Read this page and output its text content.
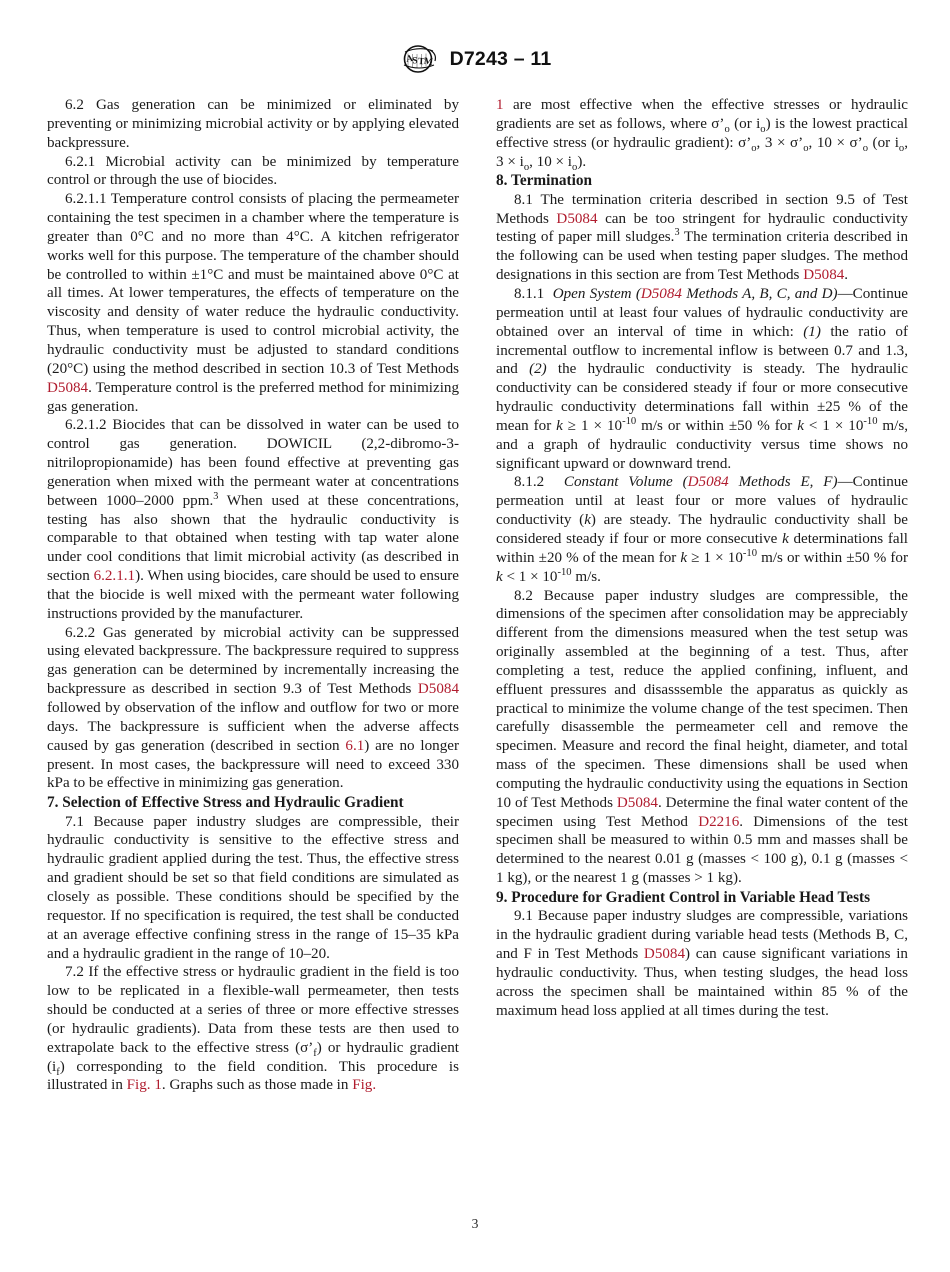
A
S T
M D7243 – 11

6.2 Gas generation can be minimized or eliminated by preventing or minimizing microbial activity or by applying elevated backpressure.

6.2.1 Microbial activity can be minimized by temperature control or through the use of biocides.

6.2.1.1 Temperature control consists of placing the permeameter containing the test specimen in a chamber where the temperature is greater than 0°C and no more than 4°C. A kitchen refrigerator works well for this purpose. The temperature of the chamber should be controlled to within ±1°C and must be maintained above 0°C at all times. At lower temperatures, the effects of temperature on the viscosity and density of water reduce the hydraulic conductivity. Thus, when temperature is used to control microbial activity, the hydraulic conductivity must be adjusted to standard conditions (20°C) using the method described in section 10.3 of Test Methods D5084. Temperature control is the preferred method for minimizing gas generation.

6.2.1.2 Biocides that can be dissolved in water can be used to control gas generation. DOWICIL (2,2-dibromo-3-nitrilopropionamide) has been found effective at preventing gas generation when mixed with the permeant water at concentrations between 1000–2000 ppm.$^3$ When used at these concentrations, testing has also shown that the hydraulic conductivity is comparable to that obtained when testing with tap water alone under cool conditions that limit microbial activity (as described in section 6.2.1.1). When using biocides, care should be used to ensure that the biocide is well mixed with the permeant water following instructions provided by the manufacturer.

6.2.2 Gas generated by microbial activity can be suppressed using elevated backpressure. The backpressure required to suppress gas generation can be determined by incrementally increasing the backpressure as described in section 9.3 of Test Methods D5084 followed by observation of the inflow and outflow for two or more days. The backpressure is sufficient when the adverse affects caused by gas generation (described in section 6.1) are no longer present. In most cases, the backpressure will need to exceed 330 kPa to be effective in minimizing gas generation.

7. Selection of Effective Stress and Hydraulic Gradient

7.1 Because paper industry sludges are compressible, their hydraulic conductivity is sensitive to the effective stress and hydraulic gradient applied during the test. Thus, the effective stress and gradient should be set so that field conditions are simulated as closely as possible. These conditions should be specified by the requestor. If no specification is required, the test shall be conducted at an average effective confining stress in the range of 15–35 kPa and a hydraulic gradient in the range of 10–20.

7.2 If the effective stress or hydraulic gradient in the field is too low to be replicated in a flexible-wall permeameter, then tests should be conducted at a series of three or more effective stresses (or hydraulic gradients). Data from these tests are then used to extrapolate back to the effective stress $(\sigma’_f)$ or hydraulic gradient $(i_f)$ corresponding to the field condition. This procedure is illustrated in Fig. 1. Graphs such as those made in Fig.

1 are most effective when the effective stresses or hydraulic gradients are set as follows, where $\sigma’_o$ (or $i_o$) is the lowest practical effective stress (or hydraulic gradient): $\sigma’_o$, $3 \times \sigma’_o$, $10 \times \sigma’_o$ (or $i_o$, $3 \times i_o$, $10 \times i_o$).

8. Termination

8.1 The termination criteria described in section 9.5 of Test Methods D5084 can be too stringent for hydraulic conductivity testing of paper mill sludges.$^3$ The termination criteria described in the following can be used when testing paper sludges. The method designations in this section are from Test Methods D5084.

8.1.1 Open System (D5084 Methods A, B, C, and D)—Continue permeation until at least four values of hydraulic conductivity are obtained over an interval of time in which: (1) the ratio of incremental outflow to incremental inflow is between 0.7 and 1.3, and (2) the hydraulic conductivity is steady. The hydraulic conductivity can be considered steady if four or more consecutive hydraulic conductivity determinations fall within ±25 % of the mean for $k \ge 1 \times 10^{-10}$ m/s or within ±50 % for $k < 1 \times 10^{-10}$ m/s, and a graph of hydraulic conductivity versus time shows no significant upward or downward trend.

8.1.2 Constant Volume (D5084 Methods E, F)—Continue permeation until at least four or more values of hydraulic conductivity (k) are steady. The hydraulic conductivity shall be considered steady if four or more consecutive k determinations fall within ±20 % of the mean for $k \ge 1 \times 10^{-10}$ m/s or within ±50 % for $k < 1 \times 10^{-10}$ m/s.

8.2 Because paper industry sludges are compressible, the dimensions of the specimen after consolidation may be appreciably different from the dimensions measured when the test setup was originally assembled at the beginning of a test. Thus, after completing a test, reduce the applied confining, influent, and effluent pressures and disasssemble the apparatus as quickly as practical to minimize the volume change of the test specimen. Then carefully disassemble the permeameter cell and remove the specimen. Measure and record the final height, diameter, and total mass of the specimen. These dimensions shall be used when computing the hydraulic conductivity using the equations in Section 10 of Test Methods D5084. Determine the final water content of the specimen using Test Method D2216. Dimensions of the test specimen shall be measured to within 0.5 mm and masses shall be determined to the nearest 0.01 g (masses < 100 g), 0.1 g (masses < 1 kg), or the nearest 1 g (masses > 1 kg).

9. Procedure for Gradient Control in Variable Head Tests

9.1 Because paper industry sludges are compressible, variations in the hydraulic gradient during variable head tests (Methods B, C, and F in Test Methods D5084) can cause significant variations in hydraulic conductivity. Thus, when testing sludges, the head loss across the specimen shall be maintained within 85 % of the maximum head loss applied at all times during the test.

3
